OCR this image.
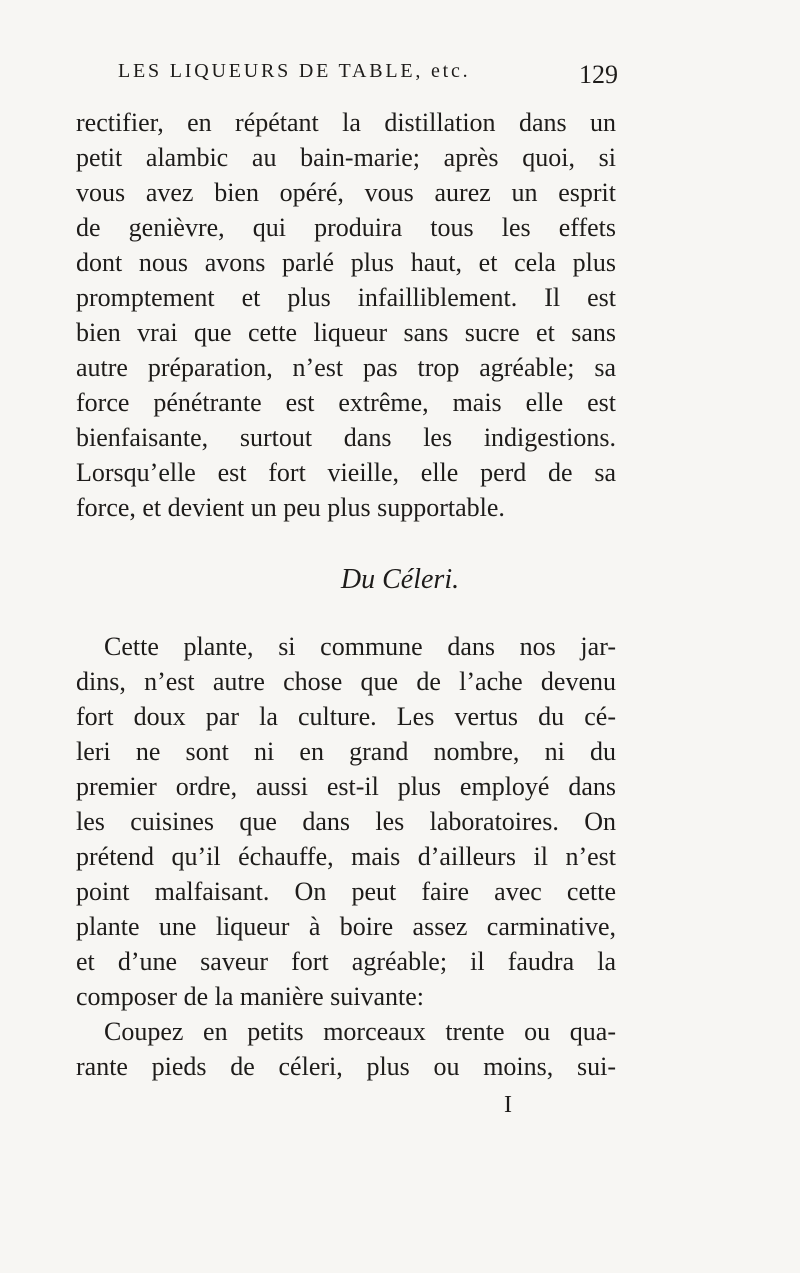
LES LIQUEURS DE TABLE, etc.	129
rectifier, en répétant la distillation dans un
petit alambic au bain-marie; après quoi, si
vous avez bien opéré, vous aurez un esprit
de genièvre, qui produira tous les effets
dont nous avons parlé plus haut, et cela plus
promptement et plus infailliblement. Il est
bien vrai que cette liqueur sans sucre et sans
autre préparation, n’est pas trop agréable; sa
force pénétrante est extrême, mais elle est
bienfaisante, surtout dans les indigestions.
Lorsqu’elle est fort vieille, elle perd de sa
force, et devient un peu plus supportable.
Du Céleri.
Cette plante, si commune dans nos jar-
dins, n’est autre chose que de l’ache devenu
fort doux par la culture. Les vertus du cé-
leri ne sont ni en grand nombre, ni du
premier ordre, aussi est-il plus employé dans
les cuisines que dans les laboratoires. On
prétend qu’il échauffe, mais d’ailleurs il n’est
point malfaisant. On peut faire avec cette
plante une liqueur à boire assez carminative,
et d’une saveur fort agréable; il faudra la
composer de la manière suivante:
Coupez en petits morceaux trente ou qua-
rante pieds de céleri, plus ou moins, sui-
I
